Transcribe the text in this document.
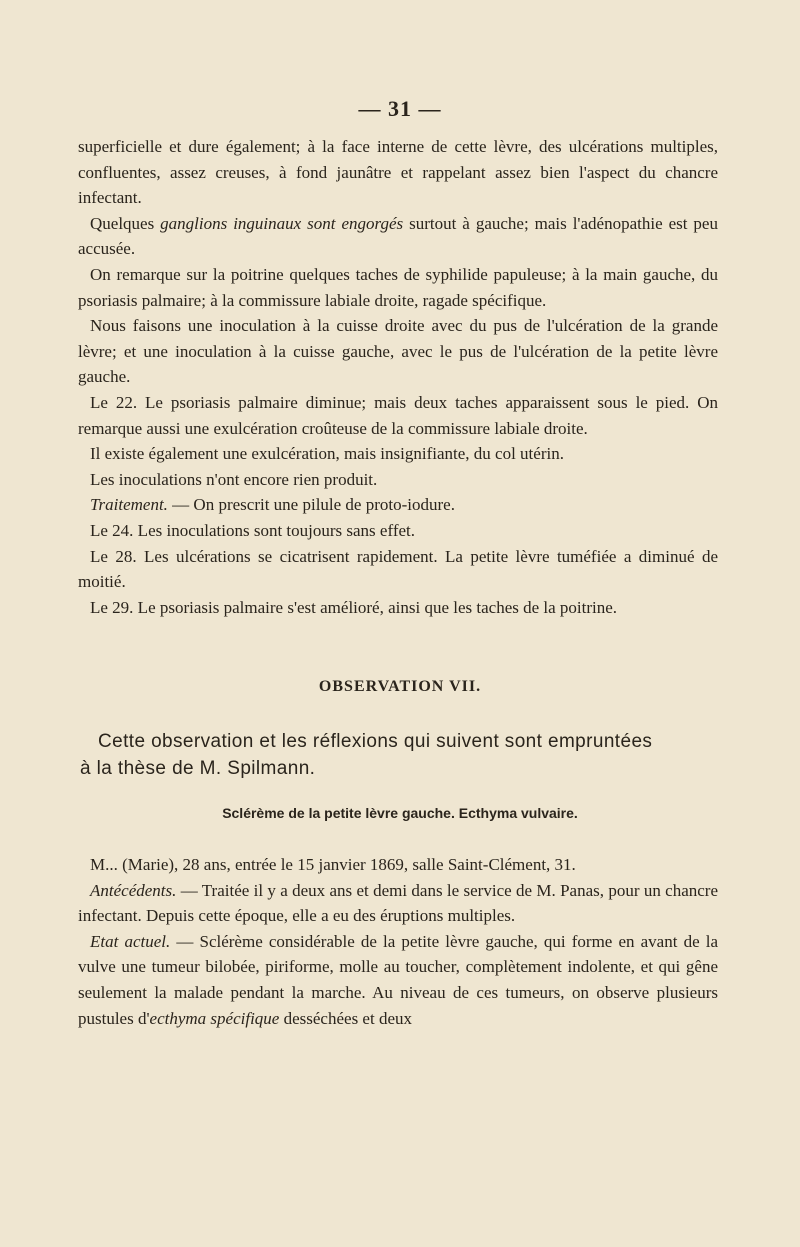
— 31 —

superficielle et dure également; à la face interne de cette lèvre, des ulcérations multiples, confluentes, assez creuses, à fond jaunâtre et rappelant assez bien l'aspect du chancre infectant.

Quelques ganglions inguinaux sont engorgés surtout à gauche; mais l'adénopathie est peu accusée.

On remarque sur la poitrine quelques taches de syphilide papuleuse; à la main gauche, du psoriasis palmaire; à la commissure labiale droite, ragade spécifique.

Nous faisons une inoculation à la cuisse droite avec du pus de l'ulcération de la grande lèvre; et une inoculation à la cuisse gauche, avec le pus de l'ulcération de la petite lèvre gauche.

Le 22. Le psoriasis palmaire diminue; mais deux taches apparaissent sous le pied. On remarque aussi une exulcération croûteuse de la commissure labiale droite.

Il existe également une exulcération, mais insignifiante, du col utérin.

Les inoculations n'ont encore rien produit.

Traitement. — On prescrit une pilule de proto-iodure.

Le 24. Les inoculations sont toujours sans effet.

Le 28. Les ulcérations se cicatrisent rapidement. La petite lèvre tuméfiée a diminué de moitié.

Le 29. Le psoriasis palmaire s'est amélioré, ainsi que les taches de la poitrine.

OBSERVATION VII.
Cette observation et les réflexions qui suivent sont empruntées
à la thèse de M. Spilmann.
Sclérème de la petite lèvre gauche. Ecthyma vulvaire.

M... (Marie), 28 ans, entrée le 15 janvier 1869, salle Saint-Clément, 31.

Antécédents. — Traitée il y a deux ans et demi dans le service de M. Panas, pour un chancre infectant. Depuis cette époque, elle a eu des éruptions multiples.

Etat actuel. — Sclérème considérable de la petite lèvre gauche, qui forme en avant de la vulve une tumeur bilobée, piriforme, molle au toucher, complètement indolente, et qui gêne seulement la malade pendant la marche. Au niveau de ces tumeurs, on observe plusieurs pustules d'ecthyma spécifique desséchées et deux
